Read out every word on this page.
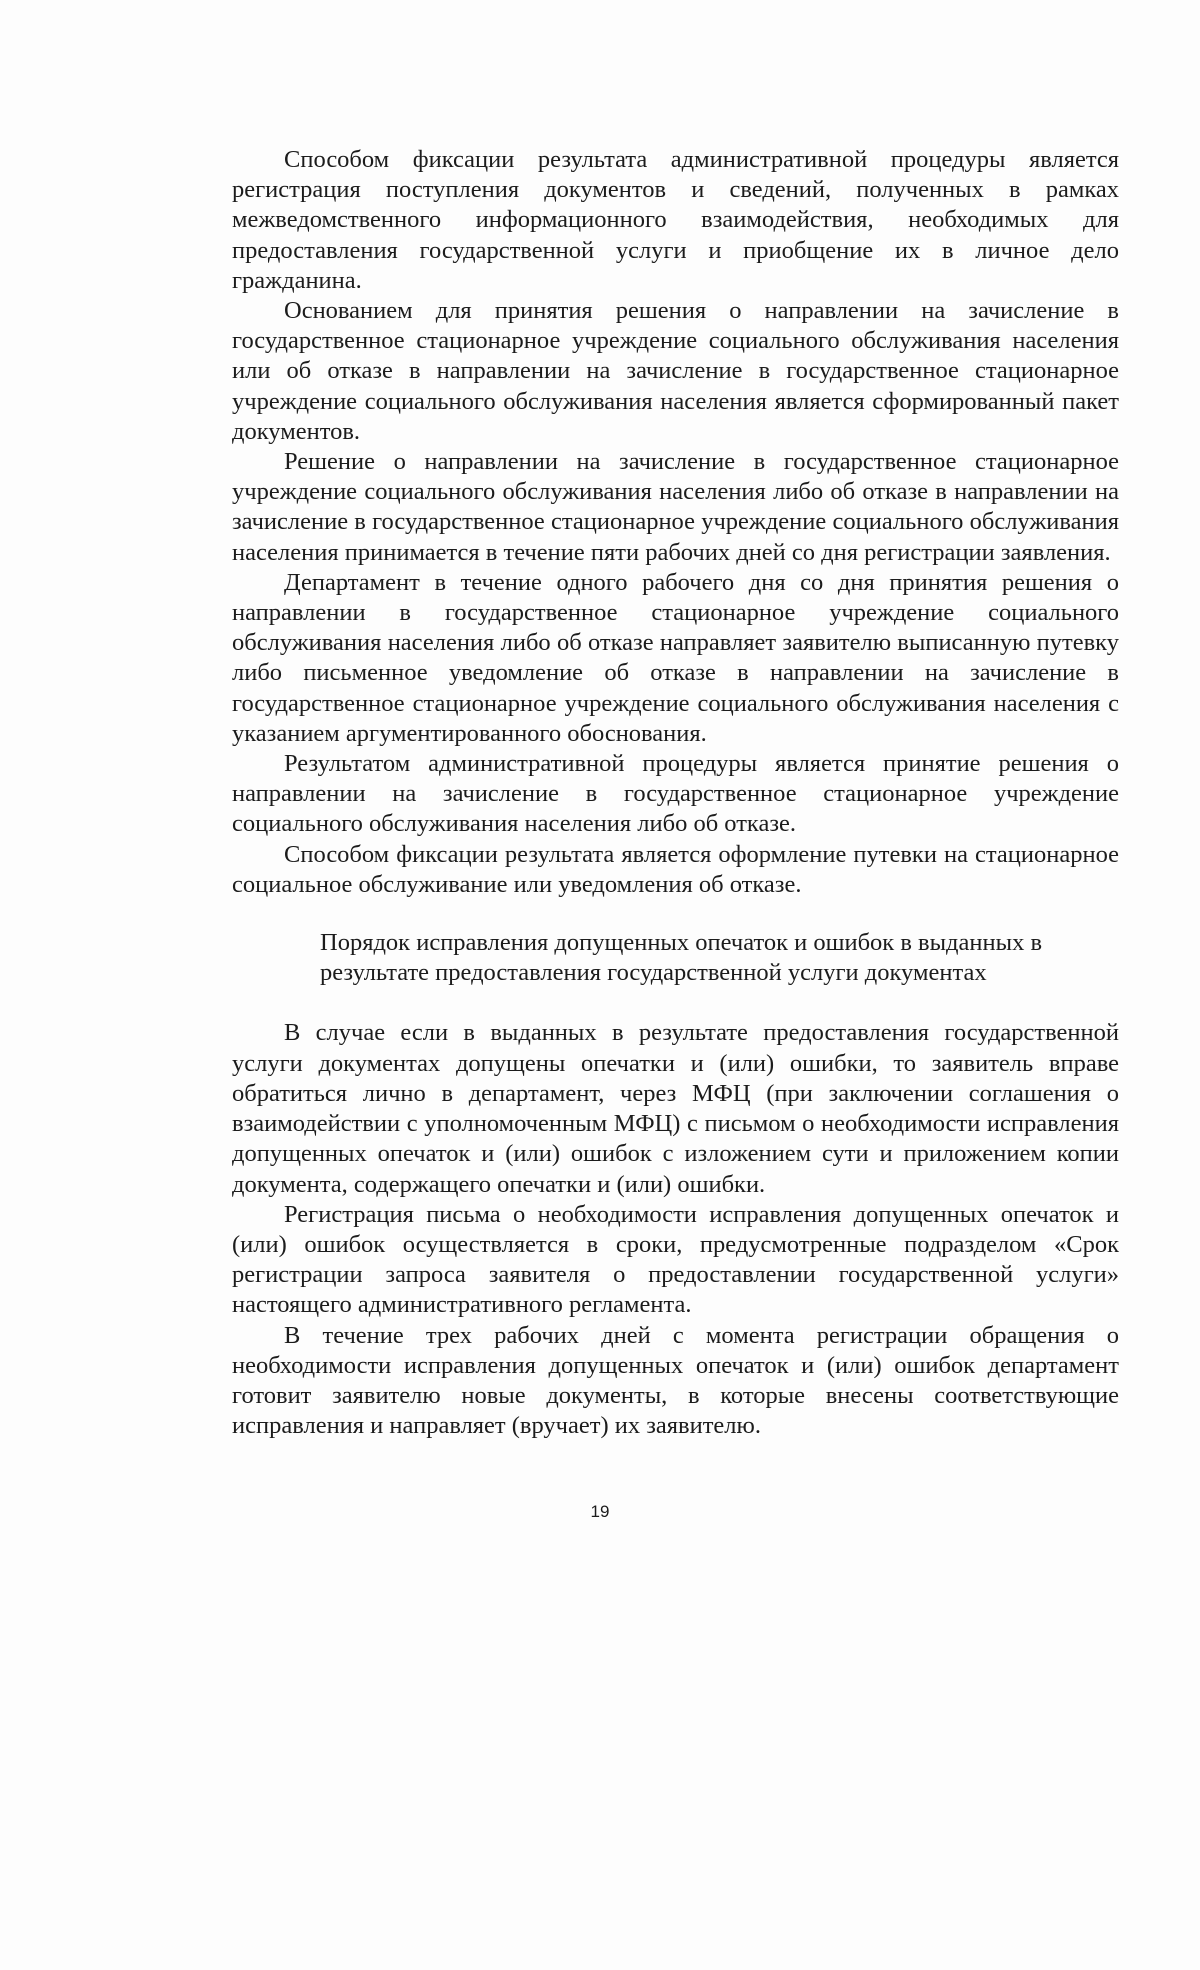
Способом фиксации результата административной процедуры является регистрация поступления документов и сведений, полученных в рамках межведомственного информационного взаимодействия, необходимых для предоставления государственной услуги и приобщение их в личное дело гражданина.

Основанием для принятия решения о направлении на зачисление в государственное стационарное учреждение социального обслуживания населения или об отказе в направлении на зачисление в государственное стационарное учреждение социального обслуживания населения является сформированный пакет документов.

Решение о направлении на зачисление в государственное стационарное учреждение социального обслуживания населения либо об отказе в направлении на зачисление в государственное стационарное учреждение социального обслуживания населения принимается в течение пяти рабочих дней со дня регистрации заявления.

Департамент в течение одного рабочего дня со дня принятия решения о направлении в государственное стационарное учреждение социального обслуживания населения либо об отказе направляет заявителю выписанную путевку либо письменное уведомление об отказе в направлении на зачисление в государственное стационарное учреждение социального обслуживания населения с указанием аргументированного обоснования.

Результатом административной процедуры является принятие решения о направлении на зачисление в государственное стационарное учреждение социального обслуживания населения либо об отказе.

Способом фиксации результата является оформление путевки на стационарное социальное обслуживание или уведомления об отказе.

Порядок исправления допущенных опечаток и ошибок в выданных в результате предоставления государственной услуги документах

В случае если в выданных в результате предоставления государственной услуги документах допущены опечатки и (или) ошибки, то заявитель вправе обратиться лично в департамент, через МФЦ (при заключении соглашения о взаимодействии с уполномоченным МФЦ) с письмом о необходимости исправления допущенных опечаток и (или) ошибок с изложением сути и приложением копии документа, содержащего опечатки и (или) ошибки.

Регистрация письма о необходимости исправления допущенных опечаток и (или) ошибок осуществляется в сроки, предусмотренные подразделом «Срок регистрации запроса заявителя о предоставлении государственной услуги» настоящего административного регламента.

В течение трех рабочих дней с момента регистрации обращения о необходимости исправления допущенных опечаток и (или) ошибок департамент готовит заявителю новые документы, в которые внесены соответствующие исправления и направляет (вручает) их заявителю.

19
